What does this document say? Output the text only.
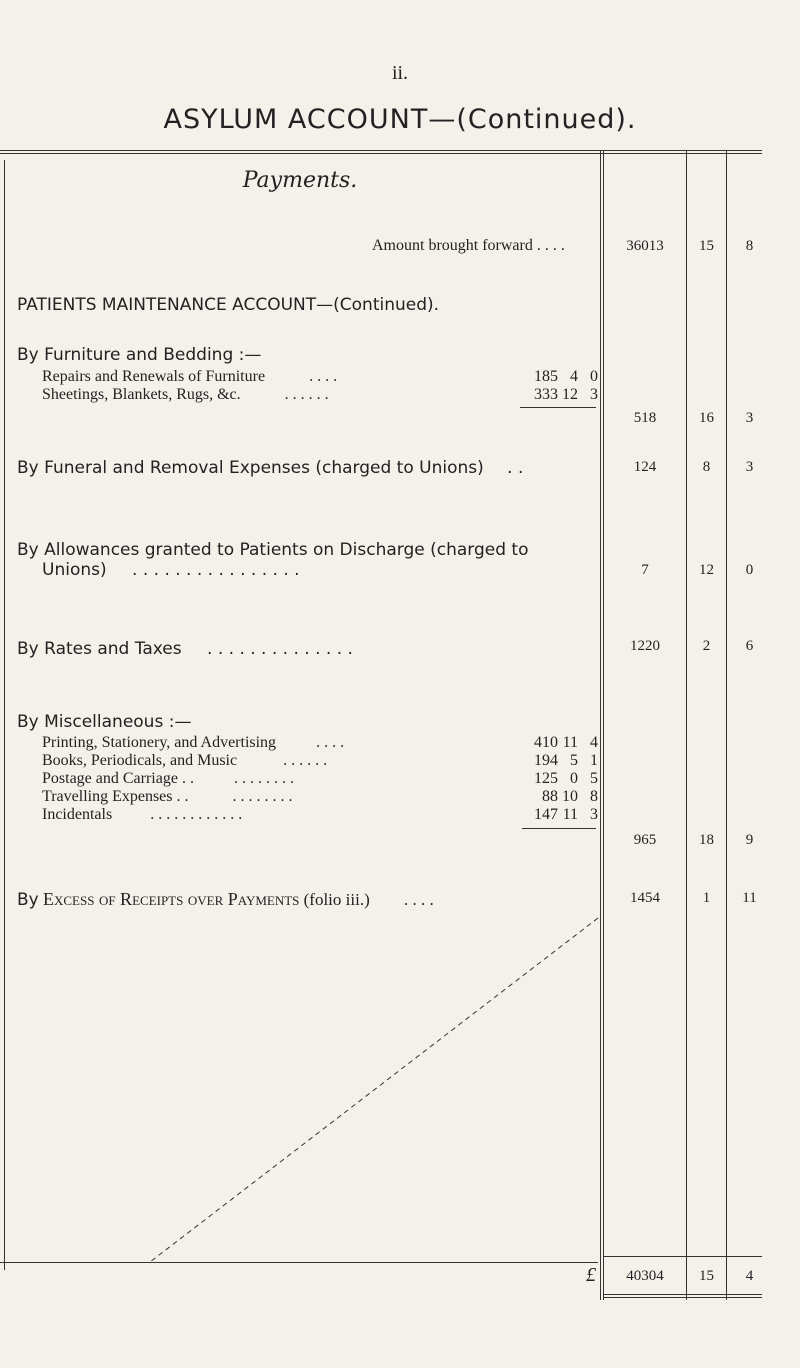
ii.
ASYLUM ACCOUNT—(Continued).
Payments.
Amount brought forward . . . .	36013	15	8
PATIENTS MAINTENANCE ACCOUNT—(Continued).
By Furniture and Bedding :—
Repairs and Renewals of Furniture	. . . .	185 4 0
Sheetings, Blankets, Rugs, &c.	. . . . . .	333 12 3
518	16	3
By Funeral and Removal Expenses (charged to Unions) . .	124	8	3
By Allowances granted to Patients on Discharge (charged to
Unions) . . . . . . . . . . . . . . . .	7	12	0
By Rates and Taxes . . . . . . . . . . . . . .	1220	2	6
By Miscellaneous :—
Printing, Stationery, and Advertising	. . . .	410 11 4
Books, Periodicals, and Music	. . . . . .	194 5 1
Postage and Carriage . .	. . . . . . . .	125 0 5
Travelling Expenses . .	. . . . . . . .	88 10 8
Incidentals . . . . . . . . . . . .	147 11 3
965	18	9
By Excess of Receipts over Payments (folio iii.) . . . .	1454	1	11
£	40304	15	4
